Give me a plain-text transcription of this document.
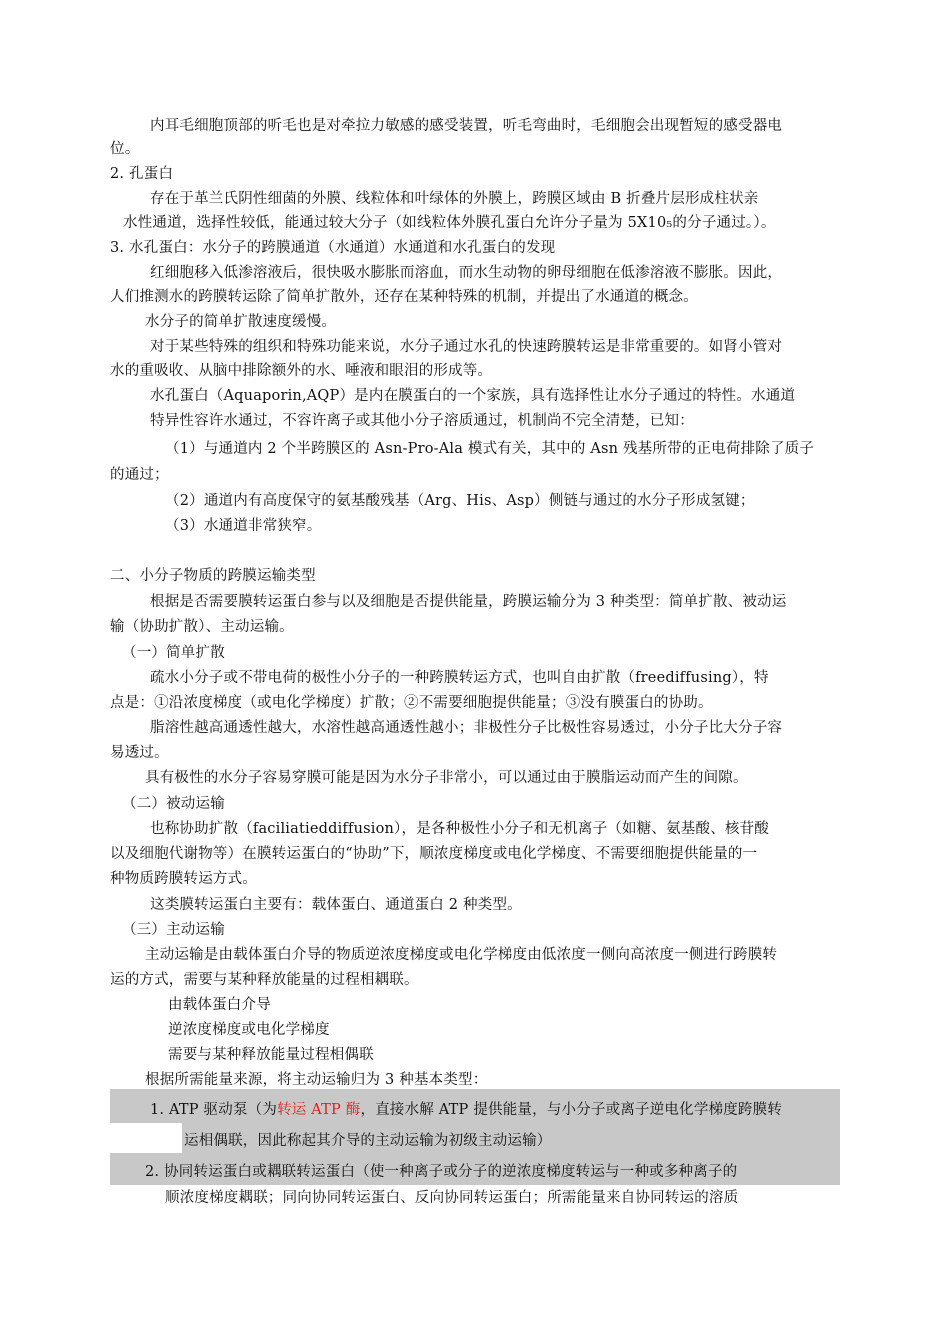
内耳毛细胞顶部的听毛也是对牵拉力敏感的感受装置，听毛弯曲时，毛细胞会出现暂短的感受器电
位。
2. 孔蛋白
存在于革兰氏阴性细菌的外膜、线粒体和叶绿体的外膜上，跨膜区域由 B 折叠片层形成柱状亲
水性通道，选择性较低，能通过较大分子（如线粒体外膜孔蛋白允许分子量为 5X10₅的分子通过。）。
3. 水孔蛋白：水分子的跨膜通道（水通道）水通道和水孔蛋白的发现
红细胞移入低渗溶液后，很快吸水膨胀而溶血，而水生动物的卵母细胞在低渗溶液不膨胀。因此，
人们推测水的跨膜转运除了简单扩散外，还存在某种特殊的机制，并提出了水通道的概念。
水分子的简单扩散速度缓慢。
对于某些特殊的组织和特殊功能来说，水分子通过水孔的快速跨膜转运是非常重要的。如肾小管对
水的重吸收、从脑中排除额外的水、唾液和眼泪的形成等。
水孔蛋白（Aquaporin,AQP）是内在膜蛋白的一个家族，具有选择性让水分子通过的特性。水通道
特异性容许水通过，不容许离子或其他小分子溶质通过，机制尚不完全清楚，已知：
（1）与通道内 2 个半跨膜区的 Asn-Pro-Ala 模式有关，其中的 Asn 残基所带的正电荷排除了质子
的通过；
（2）通道内有高度保守的氨基酸残基（Arg、His、Asp）侧链与通过的水分子形成氢键；
（3）水通道非常狭窄。
二、小分子物质的跨膜运输类型
根据是否需要膜转运蛋白参与以及细胞是否提供能量，跨膜运输分为 3 种类型：简单扩散、被动运
输（协助扩散）、主动运输。
（一）简单扩散
疏水小分子或不带电荷的极性小分子的一种跨膜转运方式，也叫自由扩散（freediffusing），特
点是：①沿浓度梯度（或电化学梯度）扩散；②不需要细胞提供能量；③没有膜蛋白的协助。
脂溶性越高通透性越大，水溶性越高通透性越小；非极性分子比极性容易透过，小分子比大分子容
易透过。
具有极性的水分子容易穿膜可能是因为水分子非常小，可以通过由于膜脂运动而产生的间隙。
（二）被动运输
也称协助扩散（faciliatieddiffusion），是各种极性小分子和无机离子（如糖、氨基酸、核苷酸
以及细胞代谢物等）在膜转运蛋白的“协助”下，顺浓度梯度或电化学梯度、不需要细胞提供能量的一
种物质跨膜转运方式。
这类膜转运蛋白主要有：载体蛋白、通道蛋白 2 种类型。
（三）主动运输
主动运输是由载体蛋白介导的物质逆浓度梯度或电化学梯度由低浓度一侧向高浓度一侧进行跨膜转
运的方式，需要与某种释放能量的过程相耦联。
由载体蛋白介导
逆浓度梯度或电化学梯度
需要与某种释放能量过程相偶联
根据所需能量来源，将主动运输归为 3 种基本类型：
1. ATP 驱动泵（为转运 ATP 酶，直接水解 ATP 提供能量，与小分子或离子逆电化学梯度跨膜转
运相偶联，因此称起其介导的主动运输为初级主动运输）
2. 协同转运蛋白或耦联转运蛋白（使一种离子或分子的逆浓度梯度转运与一种或多种离子的
顺浓度梯度耦联；同向协同转运蛋白、反向协同转运蛋白；所需能量来自协同转运的溶质
